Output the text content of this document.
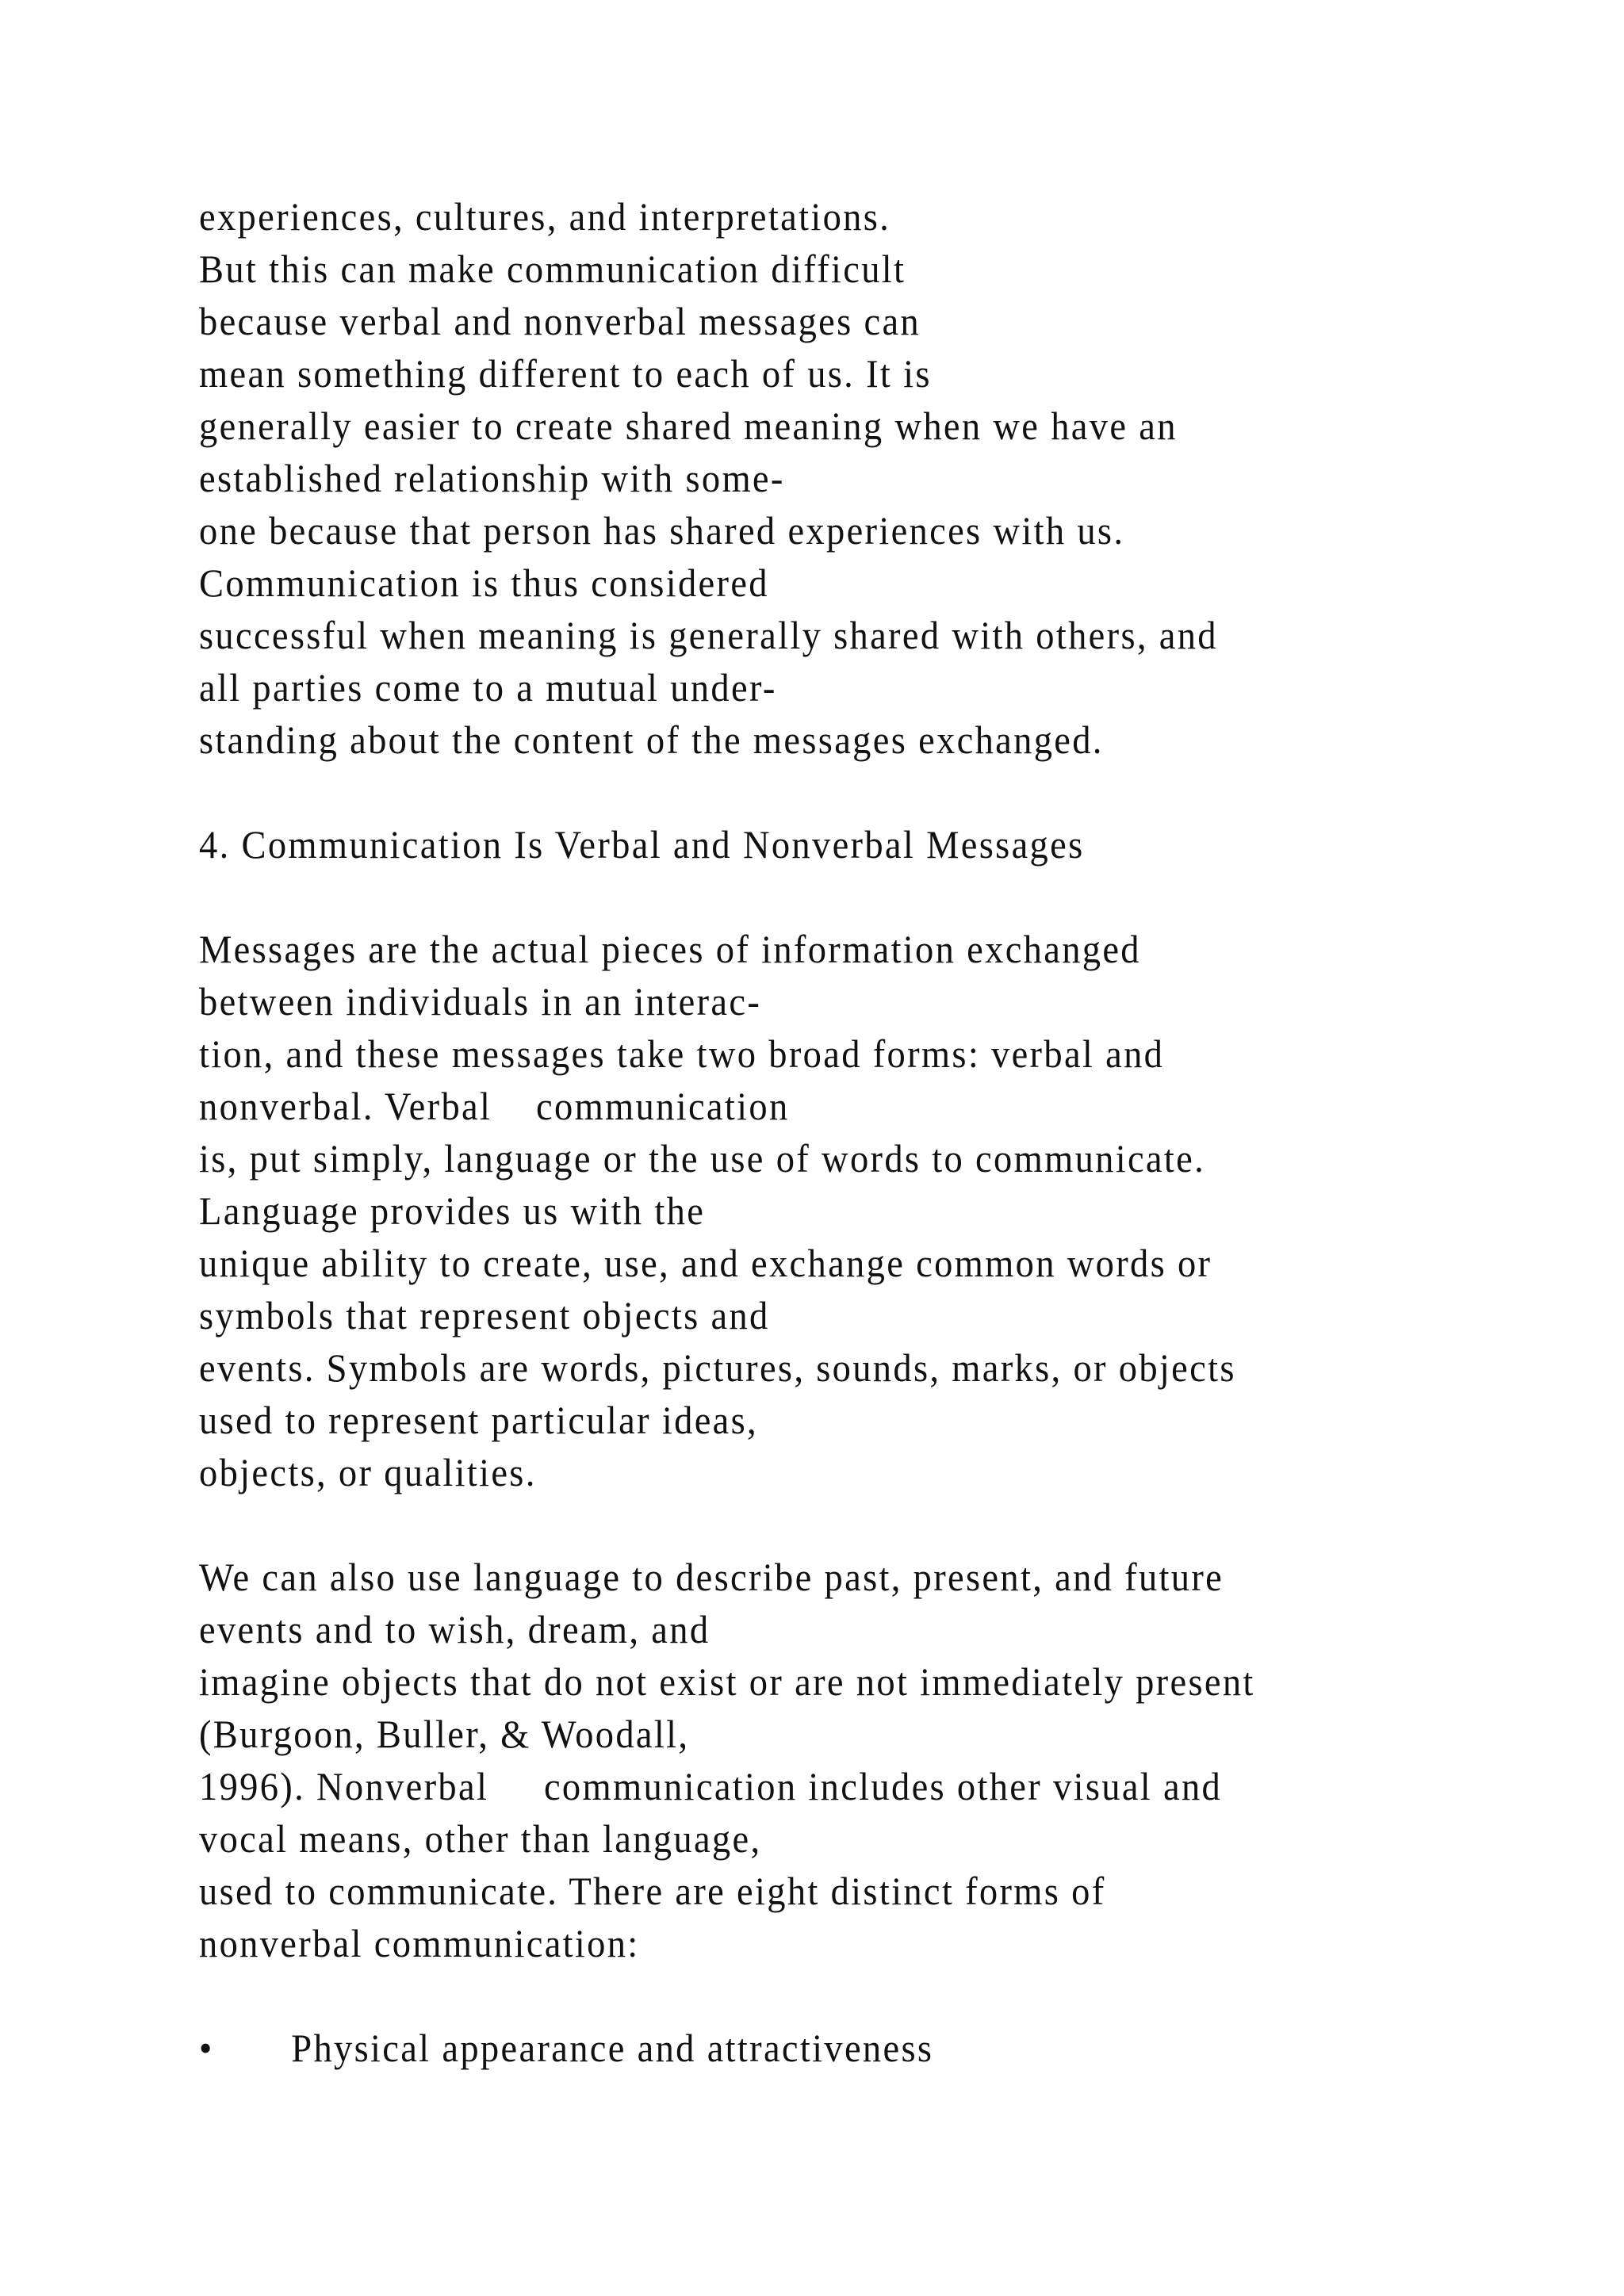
experiences, cultures, and interpretations.
But this can make communication difficult
because verbal and nonverbal messages can
mean something different to each of us. It is
generally easier to create shared meaning when we have an
established relationship with some-
one because that person has shared experiences with us.
Communication is thus considered
successful when meaning is generally shared with others, and
all parties come to a mutual under-
standing about the content of the messages exchanged.
4. Communication Is Verbal and Nonverbal Messages
Messages are the actual pieces of information exchanged
between individuals in an interac-
tion, and these messages take two broad forms: verbal and
nonverbal. Verbal    communication
is, put simply, language or the use of words to communicate.
Language provides us with the
unique ability to create, use, and exchange common words or
symbols that represent objects and
events. Symbols are words, pictures, sounds, marks, or objects
used to represent particular ideas,
objects, or qualities.
We can also use language to describe past, present, and future
events and to wish, dream, and
imagine objects that do not exist or are not immediately present
(Burgoon, Buller, & Woodall,
1996). Nonverbal     communication includes other visual and
vocal means, other than language,
used to communicate. There are eight distinct forms of
nonverbal communication:
•       Physical appearance and attractiveness
